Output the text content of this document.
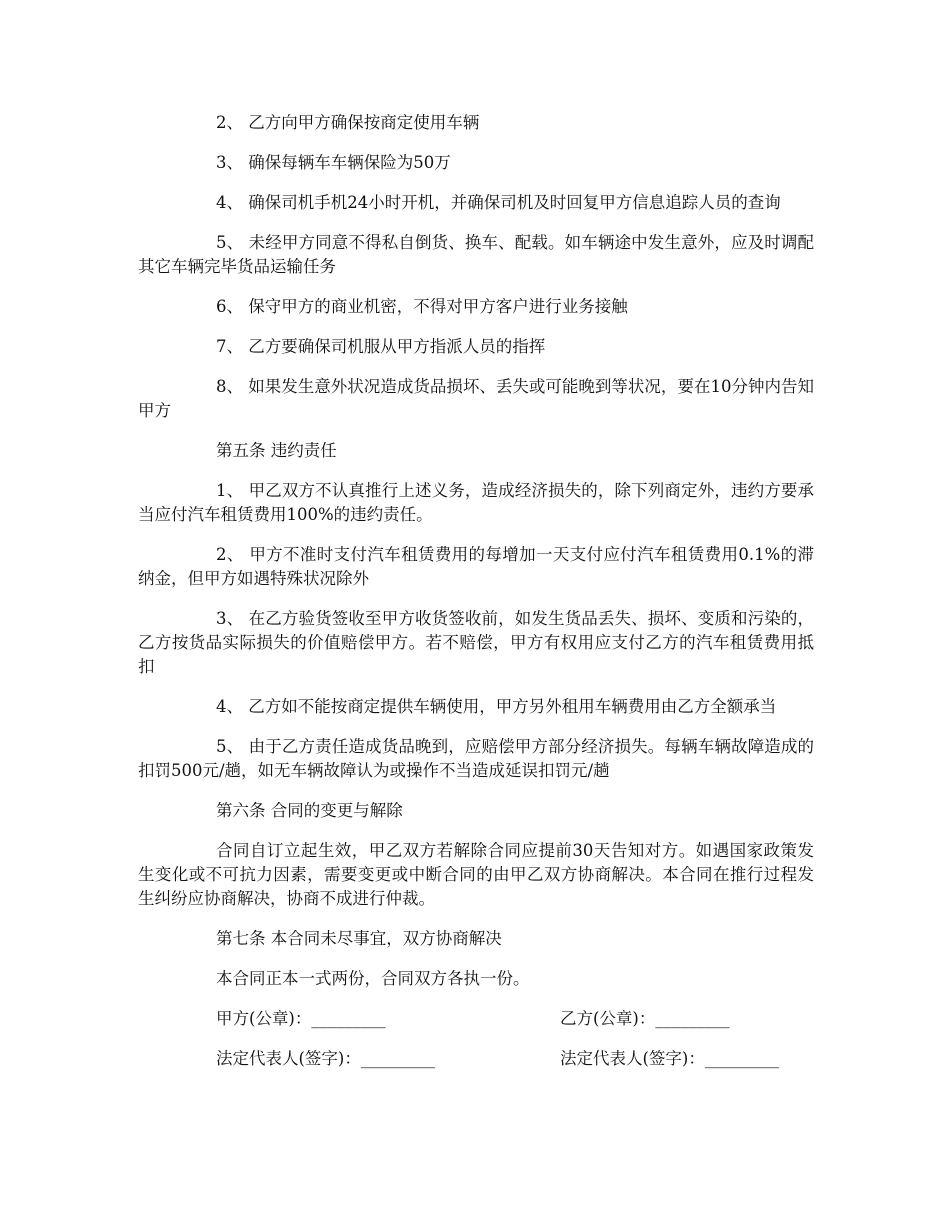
2、 乙方向甲方确保按商定使用车辆

3、 确保每辆车车辆保险为50万

4、 确保司机手机24小时开机，并确保司机及时回复甲方信息追踪人员的查询

5、 未经甲方同意不得私自倒货、换车、配载。如车辆途中发生意外，应及时调配其它车辆完毕货品运输任务

6、 保守甲方的商业机密，不得对甲方客户进行业务接触

7、 乙方要确保司机服从甲方指派人员的指挥

8、 如果发生意外状况造成货品损坏、丢失或可能晚到等状况，要在10分钟内告知甲方

第五条 违约责任

1、 甲乙双方不认真推行上述义务，造成经济损失的，除下列商定外，违约方要承当应付汽车租赁费用100%的违约责任。

2、 甲方不准时支付汽车租赁费用的每增加一天支付应付汽车租赁费用0.1%的滞纳金，但甲方如遇特殊状况除外

3、 在乙方验货签收至甲方收货签收前，如发生货品丢失、损坏、变质和污染的，乙方按货品实际损失的价值赔偿甲方。若不赔偿，甲方有权用应支付乙方的汽车租赁费用抵扣

4、 乙方如不能按商定提供车辆使用，甲方另外租用车辆费用由乙方全额承当

5、 由于乙方责任造成货品晚到，应赔偿甲方部分经济损失。每辆车辆故障造成的扣罚500元/趟，如无车辆故障认为或操作不当造成延误扣罚元/趟

第六条 合同的变更与解除

合同自订立起生效，甲乙双方若解除合同应提前30天告知对方。如遇国家政策发生变化或不可抗力因素，需要变更或中断合同的由甲乙双方协商解决。本合同在推行过程发生纠纷应协商解决，协商不成进行仲裁。

第七条 本合同未尽事宜，双方协商解决

本合同正本一式两份，合同双方各执一份。

甲方(公章)：_________	乙方(公章)：_________
法定代表人(签字)：_________	法定代表人(签字)：_________
